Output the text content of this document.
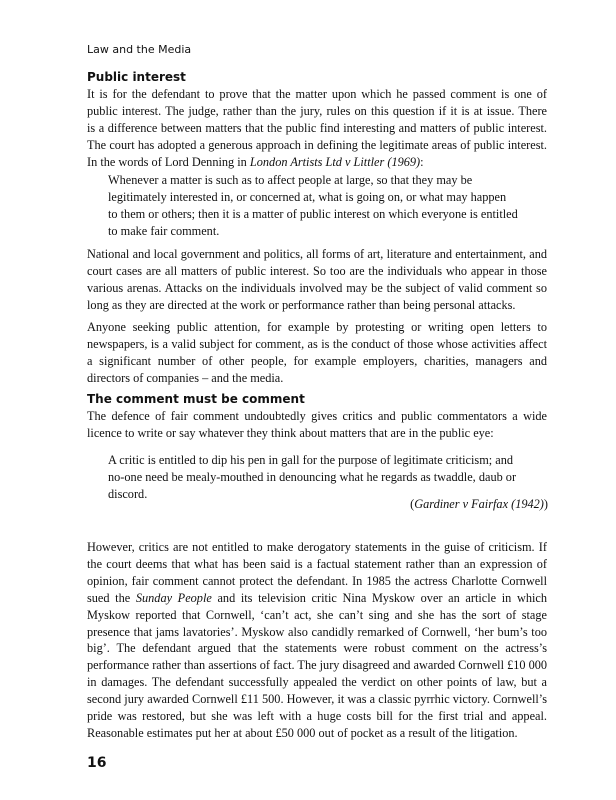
Law and the Media
Public interest
It is for the defendant to prove that the matter upon which he passed comment is one of
public interest. The judge, rather than the jury, rules on this question if it is at issue. There
is a difference between matters that the public find interesting and matters of public interest.
The court has adopted a generous approach in defining the legitimate areas of public interest.
In the words of Lord Denning in London Artists Ltd v Littler (1969):
Whenever a matter is such as to affect people at large, so that they may be
legitimately interested in, or concerned at, what is going on, or what may happen
to them or others; then it is a matter of public interest on which everyone is entitled
to make fair comment.
National and local government and politics, all forms of art, literature and entertainment, and
court cases are all matters of public interest. So too are the individuals who appear in those
various arenas. Attacks on the individuals involved may be the subject of valid comment so
long as they are directed at the work or performance rather than being personal attacks.
Anyone seeking public attention, for example by protesting or writing open letters to
newspapers, is a valid subject for comment, as is the conduct of those whose activities affect
a significant number of other people, for example employers, charities, managers and
directors of companies – and the media.
The comment must be comment
The defence of fair comment undoubtedly gives critics and public commentators a wide
licence to write or say whatever they think about matters that are in the public eye:
A critic is entitled to dip his pen in gall for the purpose of legitimate criticism; and
no-one need be mealy-mouthed in denouncing what he regards as twaddle, daub or
discord.
(Gardiner v Fairfax (1942))
However, critics are not entitled to make derogatory statements in the guise of criticism. If
the court deems that what has been said is a factual statement rather than an expression of
opinion, fair comment cannot protect the defendant. In 1985 the actress Charlotte Cornwell
sued the Sunday People and its television critic Nina Myskow over an article in which
Myskow reported that Cornwell, ‘can’t act, she can’t sing and she has the sort of stage
presence that jams lavatories’. Myskow also candidly remarked of Cornwell, ‘her bum’s too
big’. The defendant argued that the statements were robust comment on the actress’s
performance rather than assertions of fact. The jury disagreed and awarded Cornwell £10 000
in damages. The defendant successfully appealed the verdict on other points of law, but a
second jury awarded Cornwell £11 500. However, it was a classic pyrrhic victory. Cornwell’s
pride was restored, but she was left with a huge costs bill for the first trial and appeal.
Reasonable estimates put her at about £50 000 out of pocket as a result of the litigation.
16
